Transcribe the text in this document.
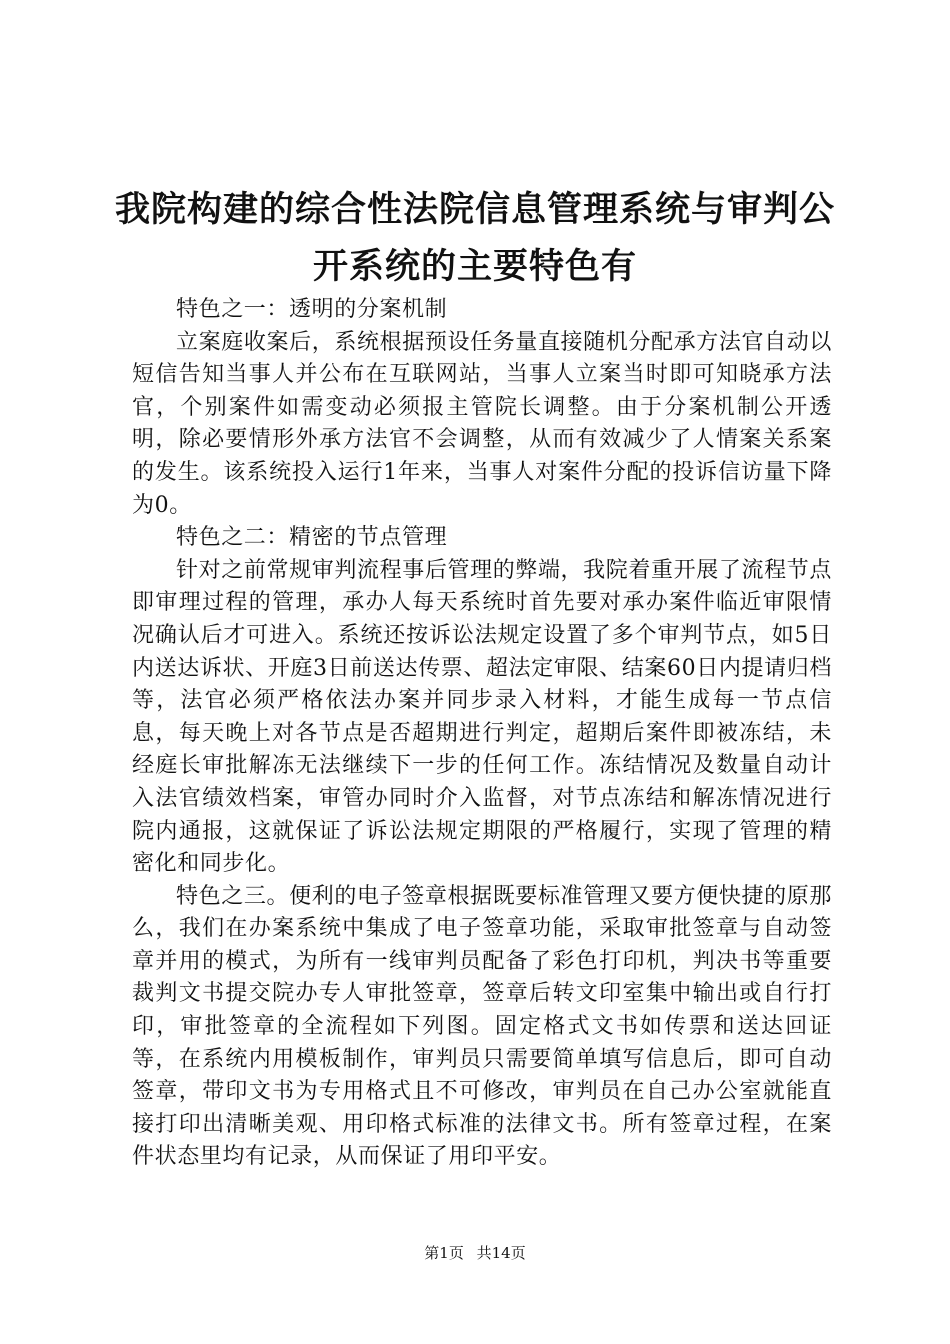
我院构建的综合性法院信息管理系统与审判公
开系统的主要特色有

特色之一：透明的分案机制

立案庭收案后，系统根据预设任务量直接随机分配承方法官自动以 短信告知当事人并公布在互联网站，当事人立案当时即可知晓承方法官，个别案件如需变动必须报主管院长调整。由于分案机制公开透明，除必要情形外承方法官不会调整，从而有效减少了人情案关系案的发生。该系统投入运行1年来，当事人对案件分配的投诉信访量下降为0。

特色之二：精密的节点管理

针对之前常规审判流程事后管理的弊端，我院着重开展了流程节点即审理过程的管理，承办人每天系统时首先要对承办案件临近审限情况确认后才可进入。系统还按诉讼法规定设置了多个审判节点，如5日内送达诉状、开庭3日前送达传票、超法定审限、结案60日内提请归档等，法官必须严格依法办案并同步录入材料，才能生成每一节点信息，每天晚上对各节点是否超期进行判定，超期后案件即被冻结，未经庭长审批解冻无法继续下一步的任何工作。冻结情况及数量自动计入法官绩效档案，审管办同时介入监督，对节点冻结和解冻情况进行院内通报，这就保证了诉讼法规定期限的严格履行，实现了管理的精密化和同步化。

特色之三。便利的电子签章根据既要标准管理又要方便快捷的原那么，我们在办案系统中集成了电子签章功能，采取审批签章与自动签章并用的模式，为所有一线审判员配备了彩色打印机，判决书等重要裁判文书提交院办专人审批签章，签章后转文印室集中输出或自行打印，审批签章的全流程如下列图。固定格式文书如传票和送达回证等，在系统内用模板制作，审判员只需要简单填写信息后，即可自动签章，带印文书为专用格式且不可修改，审判员在自己办公室就能直接打印出清晰美观、用印格式标准的法律文书。所有签章过程，在案件状态里均有记录，从而保证了用印平安。

第1页 共14页
